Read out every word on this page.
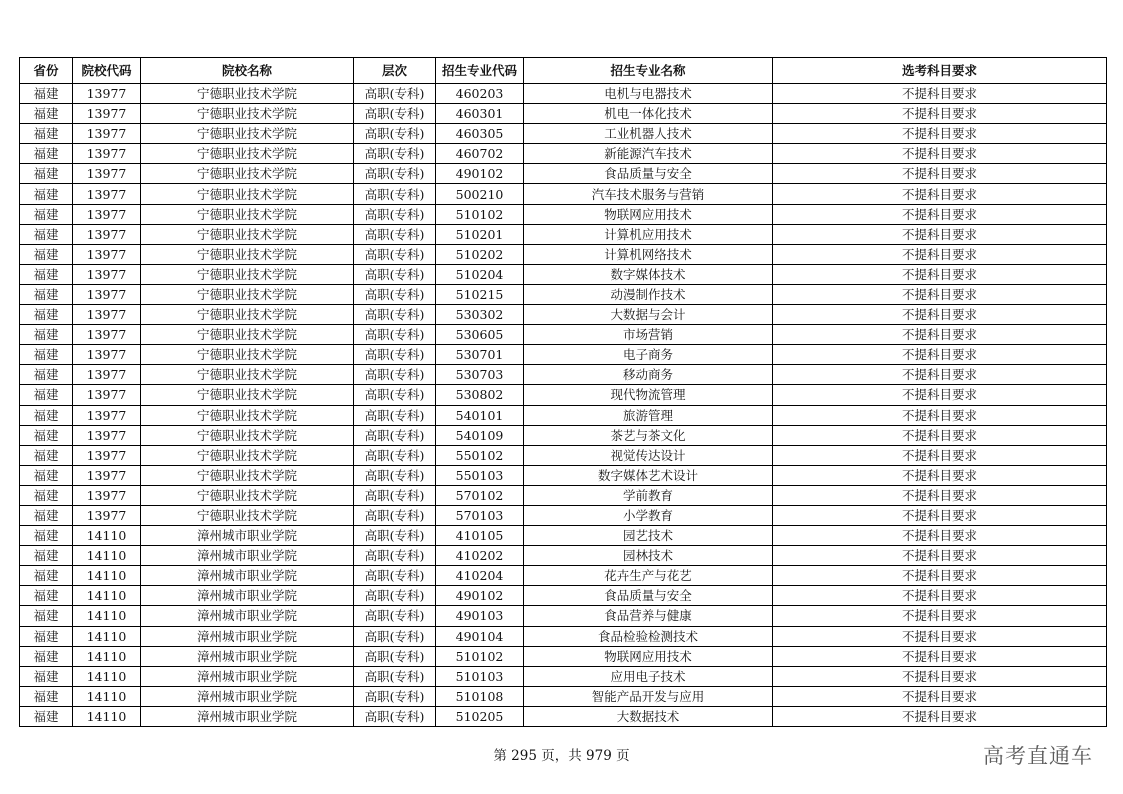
省份	院校代码	院校名称	层次	招生专业代码	招生专业名称	选考科目要求
福建	13977	宁德职业技术学院	高职(专科)	460203	电机与电器技术	不提科目要求
福建	13977	宁德职业技术学院	高职(专科)	460301	机电一体化技术	不提科目要求
福建	13977	宁德职业技术学院	高职(专科)	460305	工业机器人技术	不提科目要求
福建	13977	宁德职业技术学院	高职(专科)	460702	新能源汽车技术	不提科目要求
福建	13977	宁德职业技术学院	高职(专科)	490102	食品质量与安全	不提科目要求
福建	13977	宁德职业技术学院	高职(专科)	500210	汽车技术服务与营销	不提科目要求
福建	13977	宁德职业技术学院	高职(专科)	510102	物联网应用技术	不提科目要求
福建	13977	宁德职业技术学院	高职(专科)	510201	计算机应用技术	不提科目要求
福建	13977	宁德职业技术学院	高职(专科)	510202	计算机网络技术	不提科目要求
福建	13977	宁德职业技术学院	高职(专科)	510204	数字媒体技术	不提科目要求
福建	13977	宁德职业技术学院	高职(专科)	510215	动漫制作技术	不提科目要求
福建	13977	宁德职业技术学院	高职(专科)	530302	大数据与会计	不提科目要求
福建	13977	宁德职业技术学院	高职(专科)	530605	市场营销	不提科目要求
福建	13977	宁德职业技术学院	高职(专科)	530701	电子商务	不提科目要求
福建	13977	宁德职业技术学院	高职(专科)	530703	移动商务	不提科目要求
福建	13977	宁德职业技术学院	高职(专科)	530802	现代物流管理	不提科目要求
福建	13977	宁德职业技术学院	高职(专科)	540101	旅游管理	不提科目要求
福建	13977	宁德职业技术学院	高职(专科)	540109	茶艺与茶文化	不提科目要求
福建	13977	宁德职业技术学院	高职(专科)	550102	视觉传达设计	不提科目要求
福建	13977	宁德职业技术学院	高职(专科)	550103	数字媒体艺术设计	不提科目要求
福建	13977	宁德职业技术学院	高职(专科)	570102	学前教育	不提科目要求
福建	13977	宁德职业技术学院	高职(专科)	570103	小学教育	不提科目要求
福建	14110	漳州城市职业学院	高职(专科)	410105	园艺技术	不提科目要求
福建	14110	漳州城市职业学院	高职(专科)	410202	园林技术	不提科目要求
福建	14110	漳州城市职业学院	高职(专科)	410204	花卉生产与花艺	不提科目要求
福建	14110	漳州城市职业学院	高职(专科)	490102	食品质量与安全	不提科目要求
福建	14110	漳州城市职业学院	高职(专科)	490103	食品营养与健康	不提科目要求
福建	14110	漳州城市职业学院	高职(专科)	490104	食品检验检测技术	不提科目要求
福建	14110	漳州城市职业学院	高职(专科)	510102	物联网应用技术	不提科目要求
福建	14110	漳州城市职业学院	高职(专科)	510103	应用电子技术	不提科目要求
福建	14110	漳州城市职业学院	高职(专科)	510108	智能产品开发与应用	不提科目要求
福建	14110	漳州城市职业学院	高职(专科)	510205	大数据技术	不提科目要求
第 295 页，共 979 页	高考直通车
